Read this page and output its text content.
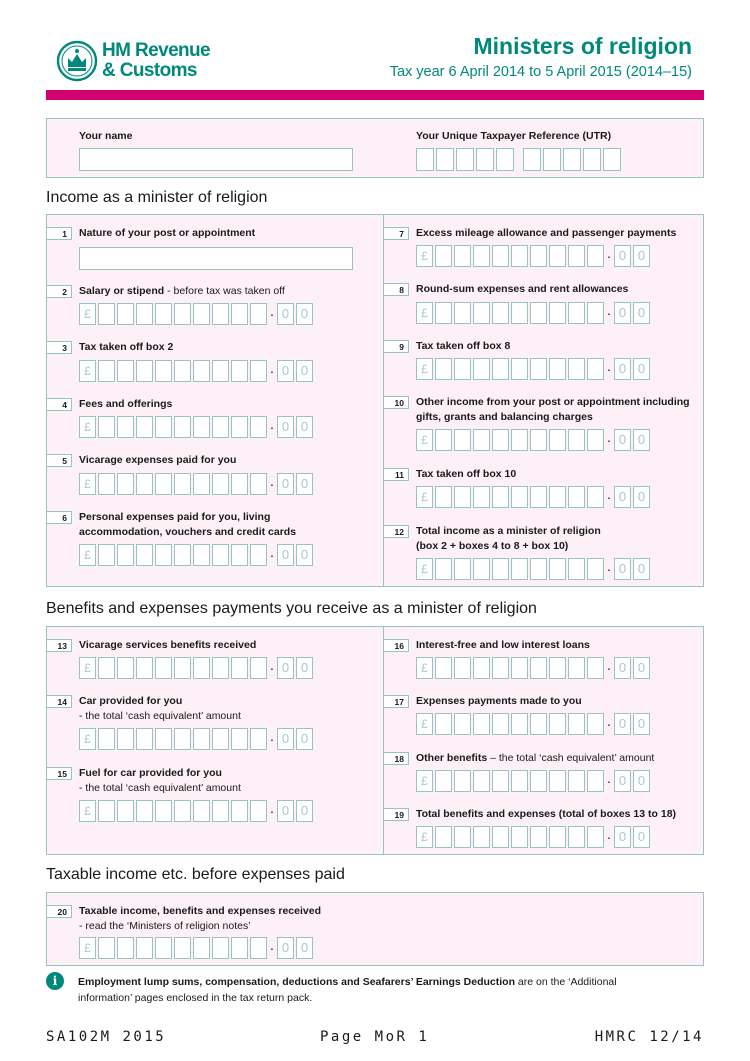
HM Revenue
& Customs
Ministers of religion
Tax year 6 April 2014 to 5 April 2015 (2014–15)
Your name	Your Unique Taxpayer Reference (UTR)
Income as a minister of religion
1	Nature of your post or appointment
2	Salary or stipend - before tax was taken off
£	· 0 0
3	Tax taken off box 2
£	· 0 0
4	Fees and offerings
£	· 0 0
5	Vicarage expenses paid for you
£	· 0 0
6	Personal expenses paid for you, living accommodation, vouchers and credit cards
£	· 0 0
7	Excess mileage allowance and passenger payments
£	· 0 0
8	Round-sum expenses and rent allowances
£	· 0 0
9	Tax taken off box 8
£	· 0 0
10	Other income from your post or appointment including gifts, grants and balancing charges
£	· 0 0
11	Tax taken off box 10
£	· 0 0
12	Total income as a minister of religion
(box 2 + boxes 4 to 8 + box 10)
£	· 0 0
Benefits and expenses payments you receive as a minister of religion
13	Vicarage services benefits received
£	· 0 0
14	Car provided for you
- the total ‘cash equivalent’ amount
£	· 0 0
15	Fuel for car provided for you
- the total ‘cash equivalent’ amount
£	· 0 0
16	Interest-free and low interest loans
£	· 0 0
17	Expenses payments made to you
£	· 0 0
18	Other benefits – the total ‘cash equivalent’ amount
£	· 0 0
19	Total benefits and expenses (total of boxes 13 to 18)
£	· 0 0
Taxable income etc. before expenses paid
20	Taxable income, benefits and expenses received
- read the ‘Ministers of religion notes’
£	· 0 0
i	Employment lump sums, compensation, deductions and Seafarers’ Earnings Deduction are on the ‘Additional information’ pages enclosed in the tax return pack.
SA102M 2015	Page MoR 1	HMRC 12/14
